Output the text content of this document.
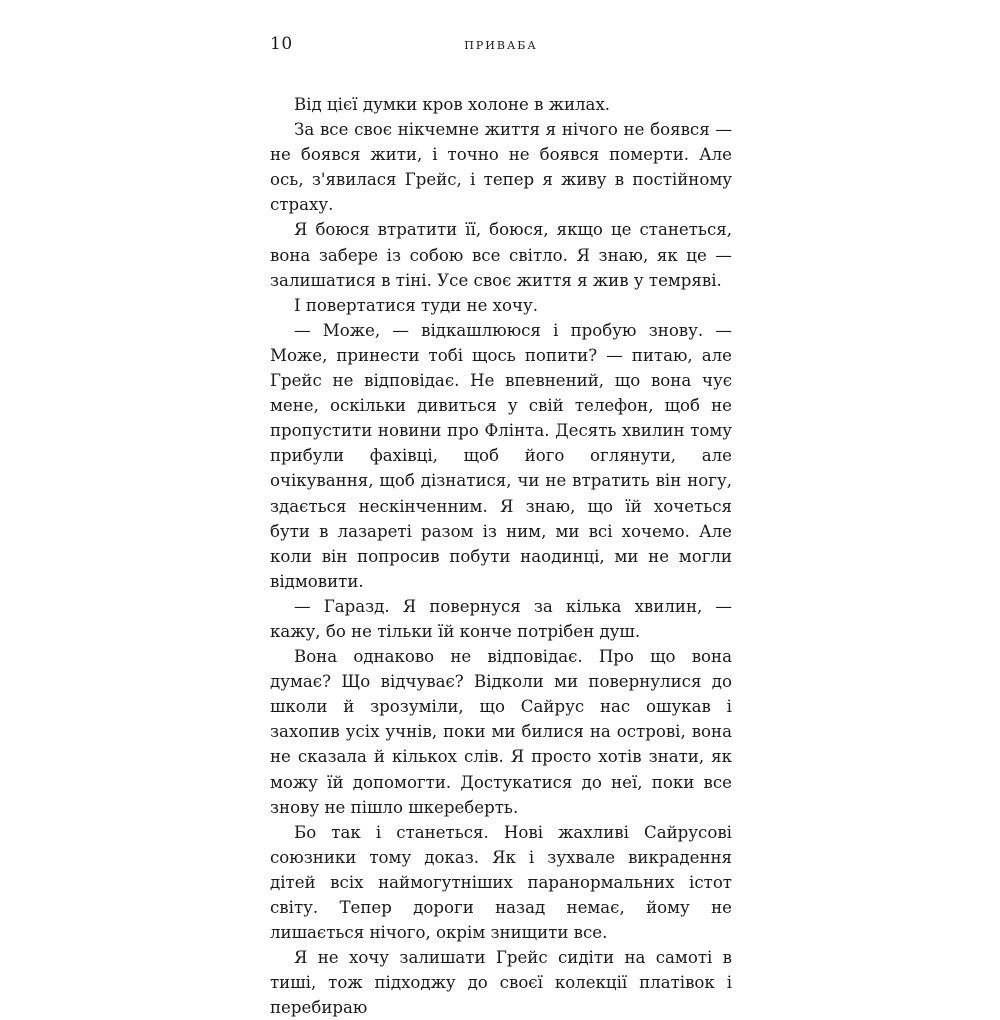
10	приваба

Від цієї думки кров холоне в жилах.

За все своє нікчемне життя я нічого не боявся — не боявся жити, і точно не боявся померти. Але ось, з'явилася Грейс, і тепер я живу в постійному страху.

Я боюся втратити її, боюся, якщо це станеться, вона забере із собою все світло. Я знаю, як це — залишатися в тіні. Усе своє життя я жив у темряві.

І повертатися туди не хочу.

— Може, — відкашлююся і пробую знову. — Може, принести тобі щось попити? — питаю, але Грейс не відповідає. Не впевнений, що вона чує мене, оскільки дивиться у свій телефон, щоб не пропустити новини про Флінта. Десять хвилин тому прибули фахівці, щоб його оглянути, але очікування, щоб дізнатися, чи не втратить він ногу, здається нескінченним. Я знаю, що їй хочеться бути в лазареті разом із ним, ми всі хочемо. Але коли він попросив побути наодинці, ми не могли відмовити.

— Гаразд. Я повернуся за кілька хвилин, — кажу, бо не тільки їй конче потрібен душ.

Вона однаково не відповідає. Про що вона думає? Що відчуває? Відколи ми повернулися до школи й зрозуміли, що Сайрус нас ошукав і захопив усіх учнів, поки ми билися на острові, вона не сказала й кількох слів. Я просто хотів знати, як можу їй допомогти. Достукатися до неї, поки все знову не пішло шкереберть.

Бо так і станеться. Нові жахливі Сайрусові союзники тому доказ. Як і зухвале викрадення дітей всіх наймогутніших паранормальних істот світу. Тепер дороги назад немає, йому не лишається нічого, окрім знищити все.

Я не хочу залишати Грейс сидіти на самоті в тиші, тож підходжу до своєї колекції платівок і перебираю
